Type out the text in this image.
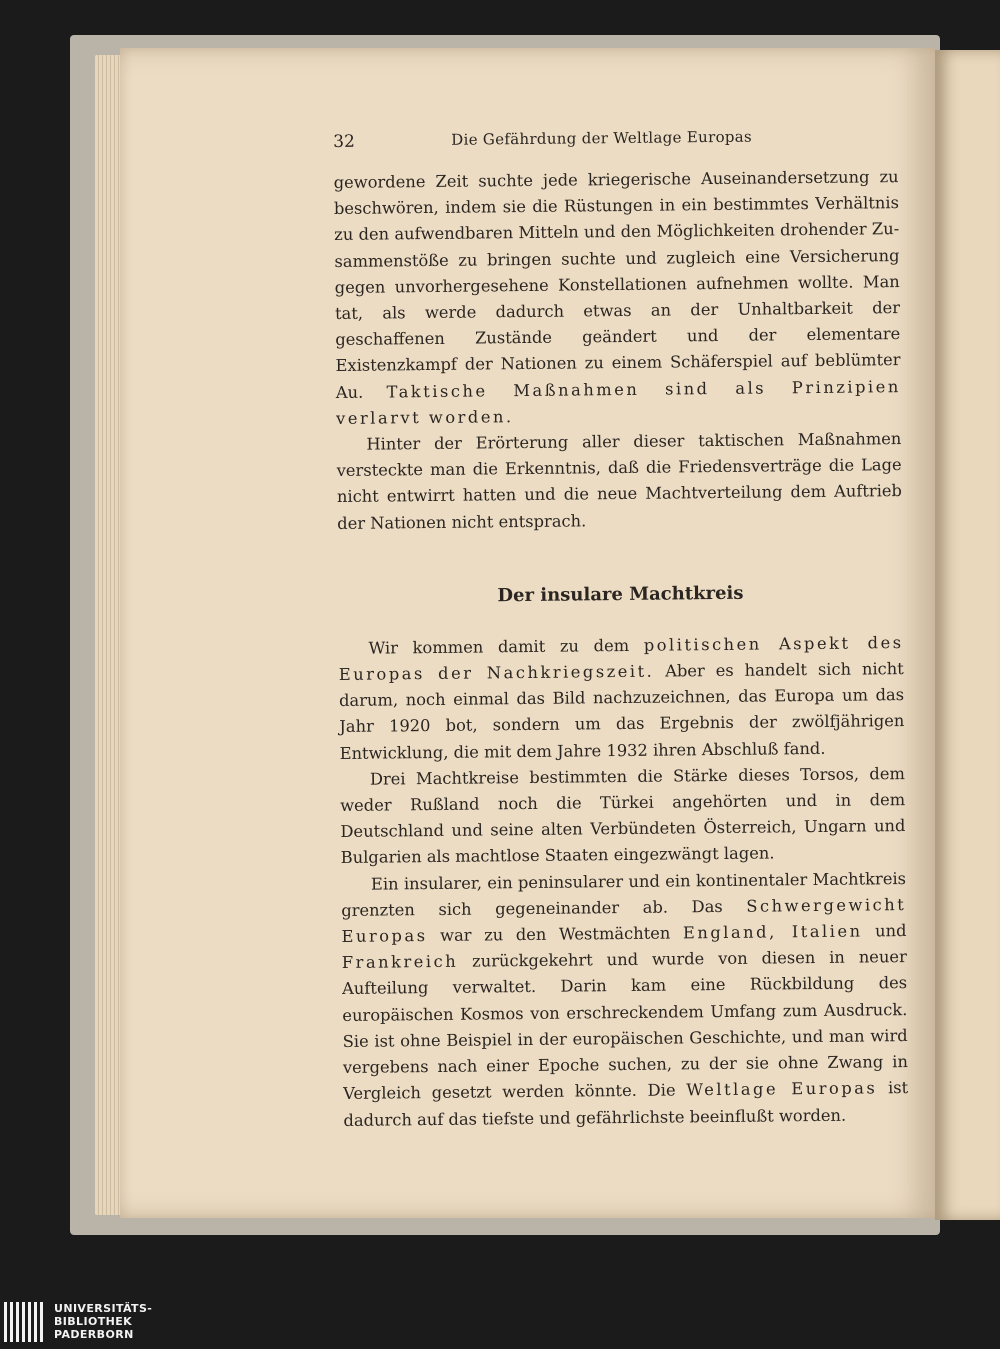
32	Die Gefährdung der Weltlage Europas

gewordene Zeit suchte jede kriegerische Auseinandersetzung zu beschwören, indem sie die Rüstungen in ein bestimmtes Verhältnis zu den aufwendbaren Mitteln und den Möglichkeiten drohender Zusammenstöße zu bringen suchte und zugleich eine Versicherung gegen unvorhergesehene Konstellationen aufnehmen wollte. Man tat, als werde dadurch etwas an der Unhaltbarkeit der geschaffenen Zustände geändert und der elementare Existenzkampf der Nationen zu einem Schäferspiel auf beblümter Au. Taktische Maßnahmen sind als Prinzipien verlarvt worden.

Hinter der Erörterung aller dieser taktischen Maßnahmen versteckte man die Erkenntnis, daß die Friedensverträge die Lage nicht entwirrt hatten und die neue Machtverteilung dem Auftrieb der Nationen nicht entsprach.

Der insulare Machtkreis

Wir kommen damit zu dem politischen Aspekt des Europas der Nachkriegszeit. Aber es handelt sich nicht darum, noch einmal das Bild nachzuzeichnen, das Europa um das Jahr 1920 bot, sondern um das Ergebnis der zwölfjährigen Entwicklung, die mit dem Jahre 1932 ihren Abschluß fand.

Drei Machtkreise bestimmten die Stärke dieses Torsos, dem weder Rußland noch die Türkei angehörten und in dem Deutschland und seine alten Verbündeten Österreich, Ungarn und Bulgarien als machtlose Staaten eingezwängt lagen.

Ein insularer, ein peninsularer und ein kontinentaler Machtkreis grenzten sich gegeneinander ab. Das Schwergewicht Europas war zu den Westmächten England, Italien und Frankreich zurückgekehrt und wurde von diesen in neuer Aufteilung verwaltet. Darin kam eine Rückbildung des europäischen Kosmos von erschreckendem Umfang zum Ausdruck. Sie ist ohne Beispiel in der europäischen Geschichte, und man wird vergebens nach einer Epoche suchen, zu der sie ohne Zwang in Vergleich gesetzt werden könnte. Die Weltlage Europas ist dadurch auf das tiefste und gefährlichste beeinflußt worden.

UNIVERSITÄTS-
BIBLIOTHEK
PADERBORN
